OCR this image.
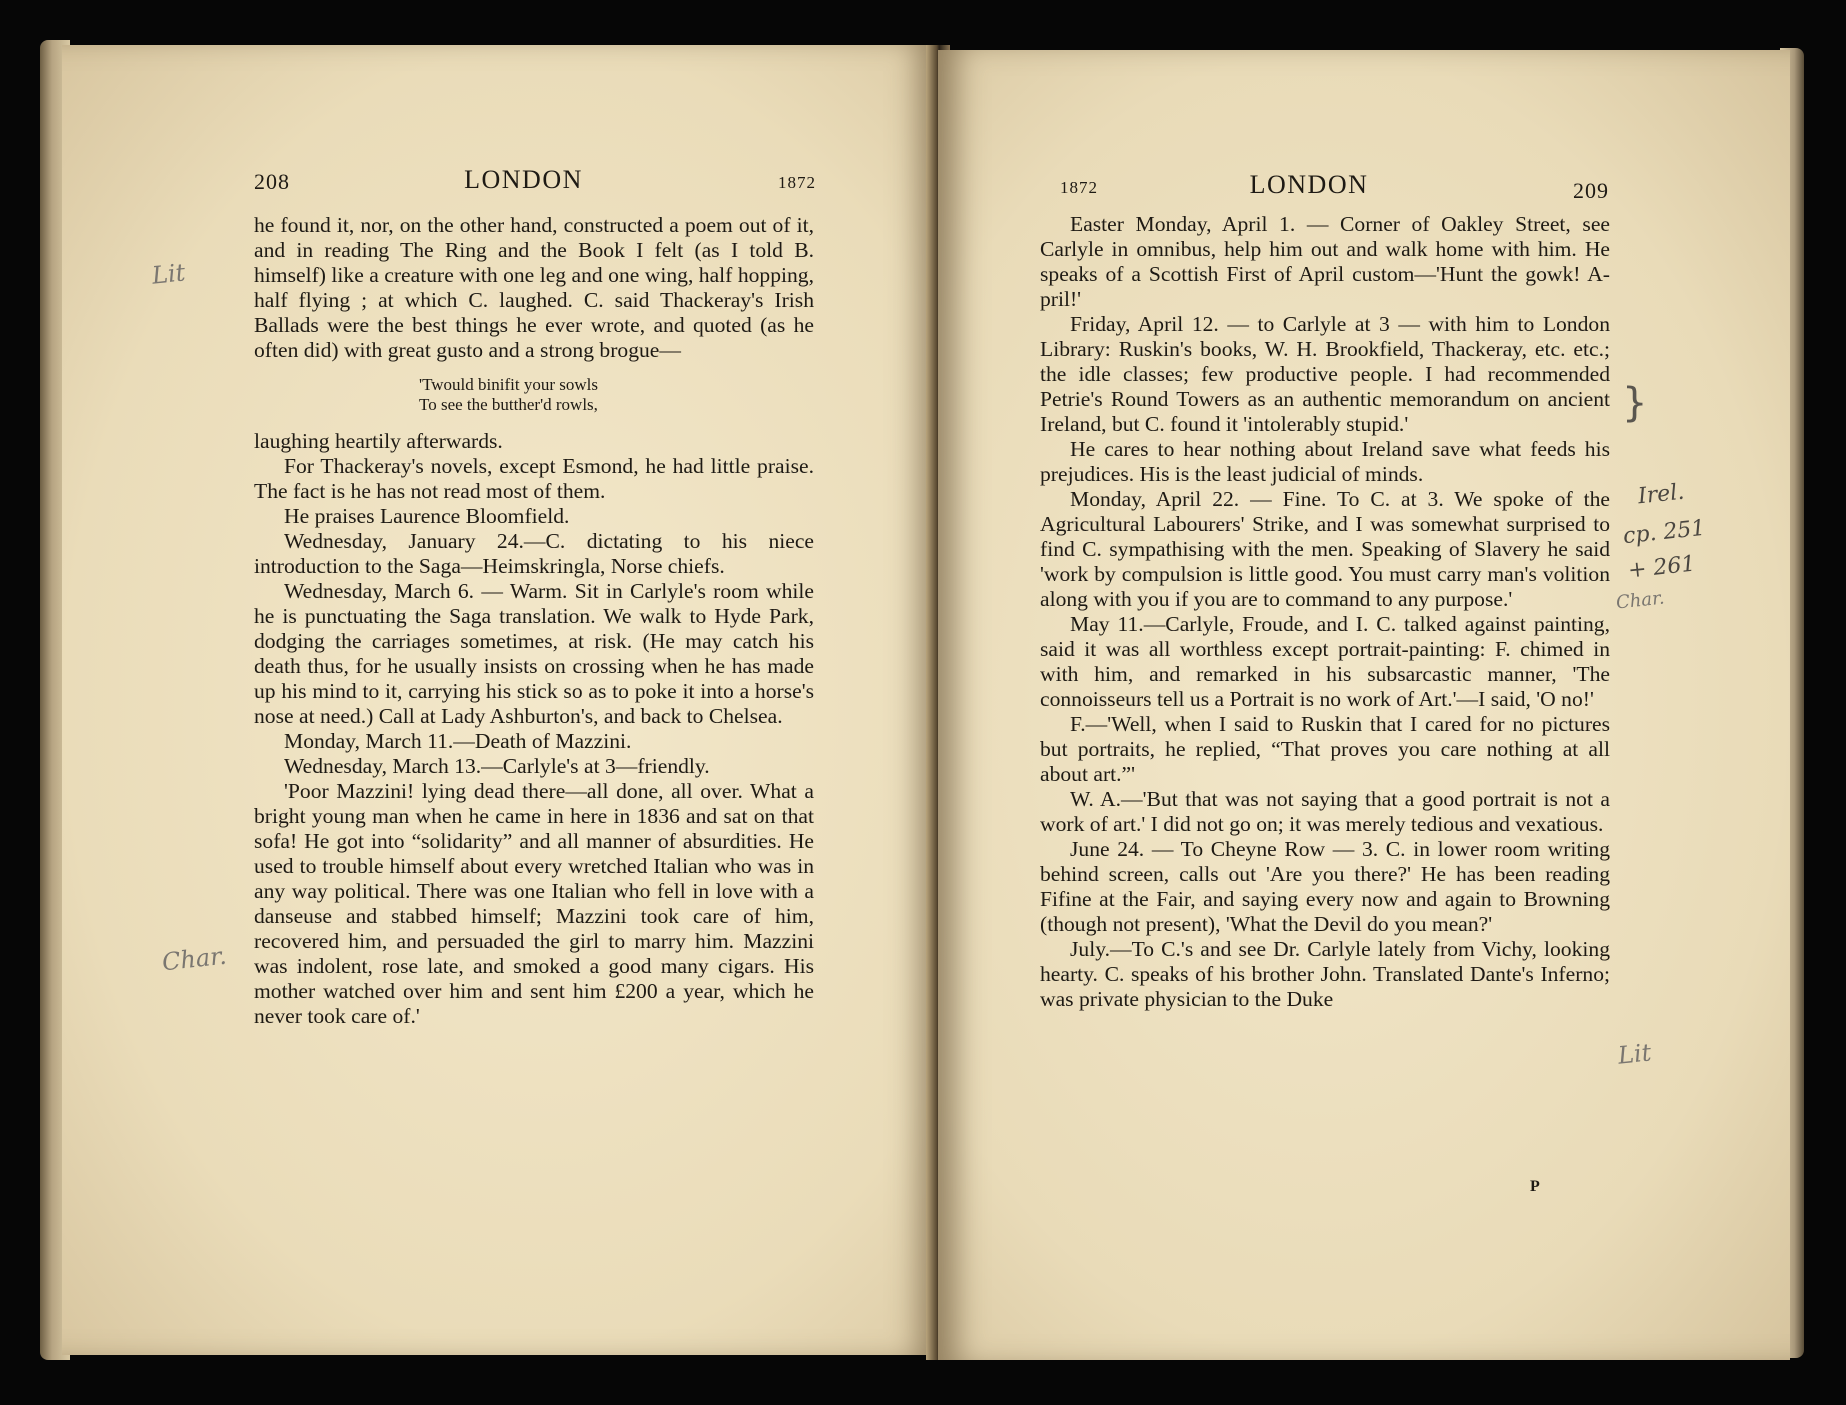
208	LONDON	1872

he found it, nor, on the other hand, constructed a poem out of it, and in reading The Ring and the Book I felt (as I told B. himself) like a creature with one leg and one wing, half hopping, half flying ; at which C. laughed. C. said Thackeray's Irish Ballads were the best things he ever wrote, and quoted (as he often did) with great gusto and a strong brogue—

'Twould binifit your sowls
To see the butther'd rowls,

laughing heartily afterwards.

For Thackeray's novels, except Esmond, he had little praise. The fact is he has not read most of them.

He praises Laurence Bloomfield.

Wednesday, January 24.—C. dictating to his niece introduction to the Saga—Heimskringla, Norse chiefs.

Wednesday, March 6. — Warm. Sit in Carlyle's room while he is punctuating the Saga translation. We walk to Hyde Park, dodging the carriages sometimes, at risk. (He may catch his death thus, for he usually insists on crossing when he has made up his mind to it, carrying his stick so as to poke it into a horse's nose at need.) Call at Lady Ashburton's, and back to Chelsea.

Monday, March 11.—Death of Mazzini.

Wednesday, March 13.—Carlyle's at 3—friendly.

'Poor Mazzini! lying dead there—all done, all over. What a bright young man when he came in here in 1836 and sat on that sofa! He got into “solidarity” and all manner of absurdities. He used to trouble himself about every wretched Italian who was in any way political. There was one Italian who fell in love with a danseuse and stabbed himself; Mazzini took care of him, recovered him, and persuaded the girl to marry him. Mazzini was indolent, rose late, and smoked a good many cigars. His mother watched over him and sent him £200 a year, which he never took care of.'

Lit
Char.
1872	LONDON	209

Easter Monday, April 1. — Corner of Oakley Street, see Carlyle in omnibus, help him out and walk home with him. He speaks of a Scottish First of April custom—'Hunt the gowk! A-pril!'

Friday, April 12. — to Carlyle at 3 — with him to London Library: Ruskin's books, W. H. Brookfield, Thackeray, etc. etc.; the idle classes; few productive people. I had recommended Petrie's Round Towers as an authentic memorandum on ancient Ireland, but C. found it 'intolerably stupid.'

He cares to hear nothing about Ireland save what feeds his prejudices. His is the least judicial of minds.

Monday, April 22. — Fine. To C. at 3. We spoke of the Agricultural Labourers' Strike, and I was somewhat surprised to find C. sympathising with the men. Speaking of Slavery he said 'work by compulsion is little good. You must carry man's volition along with you if you are to command to any purpose.'

May 11.—Carlyle, Froude, and I. C. talked against painting, said it was all worthless except portrait-painting: F. chimed in with him, and remarked in his subsarcastic manner, 'The connoisseurs tell us a Portrait is no work of Art.'—I said, 'O no!'

F.—'Well, when I said to Ruskin that I cared for no pictures but portraits, he replied, “That proves you care nothing at all about art.”'

W. A.—'But that was not saying that a good portrait is not a work of art.' I did not go on; it was merely tedious and vexatious.

June 24. — To Cheyne Row — 3. C. in lower room writing behind screen, calls out 'Are you there?' He has been reading Fifine at the Fair, and saying every now and again to Browning (though not present), 'What the Devil do you mean?'

July.—To C.'s and see Dr. Carlyle lately from Vichy, looking hearty. C. speaks of his brother John. Translated Dante's Inferno; was private physician to the Duke

P
}
Irel.
cp. 251
+ 261
Char.
Lit
